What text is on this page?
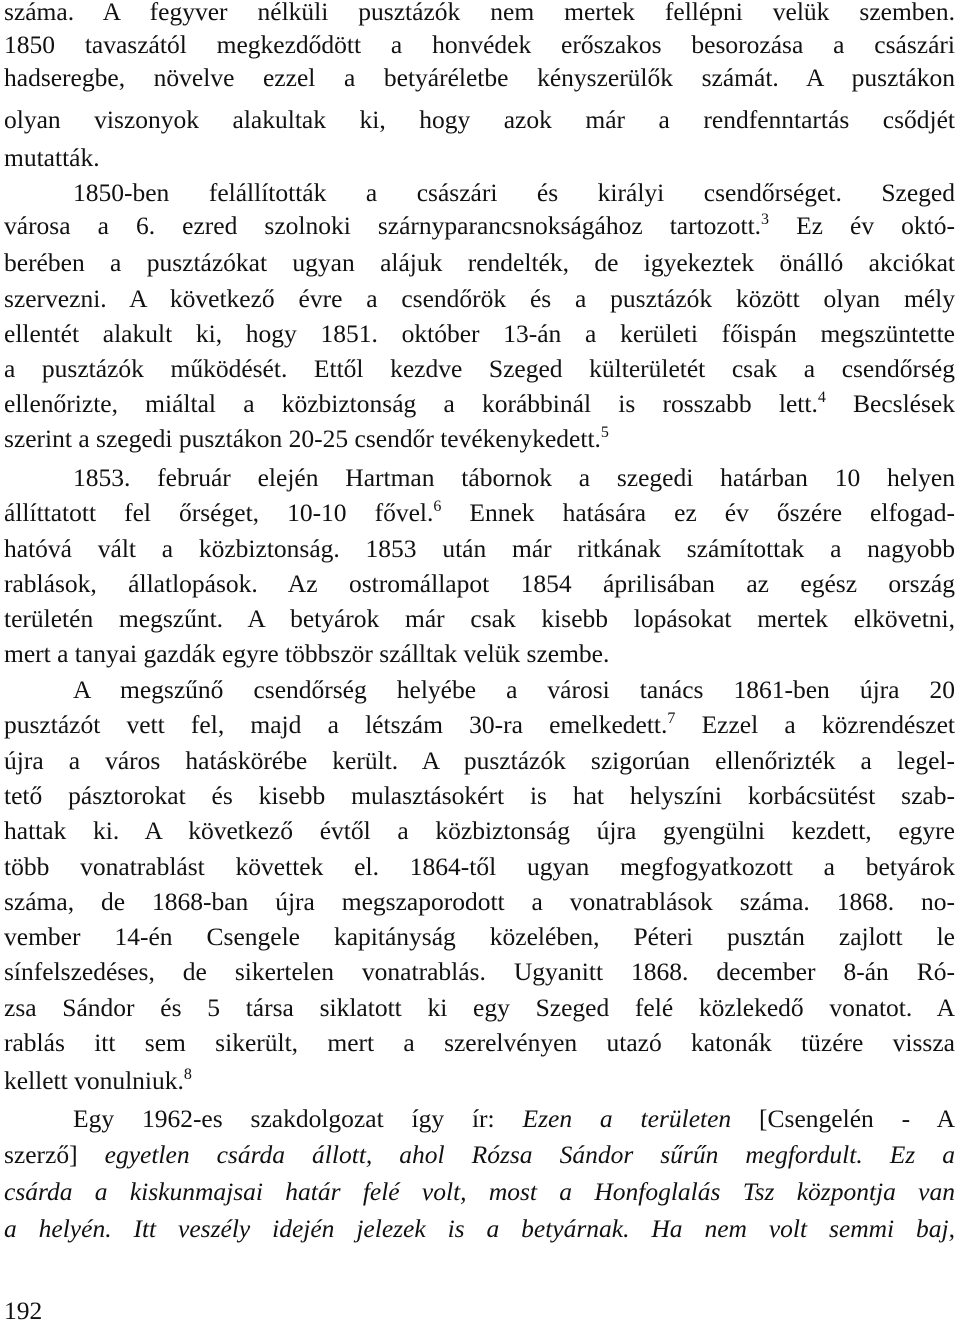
száma. A fegyver nélküli pusztázók nem mertek fellépni velük szemben.
1850 tavaszától megkezdődött a honvédek erőszakos besorozása a császári
hadseregbe, növelve ezzel a betyáréletbe kényszerülők számát. A pusztákon
olyan viszonyok alakultak ki, hogy azok már a rendfenntartás csődjét
mutatták.
1850-ben felállították a császári és királyi csendőrséget. Szeged
városa a 6. ezred szolnoki szárnyparancsnokságához tartozott.$^3$ Ez év októ-
berében a pusztázókat ugyan alájuk rendelték, de igyekeztek önálló akciókat
szervezni. A következő évre a csendőrök és a pusztázók között olyan mély
ellentét alakult ki, hogy 1851. október 13-án a kerületi főispán megszüntette
a pusztázók működését. Ettől kezdve Szeged külterületét csak a csendőrség
ellenőrizte, miáltal a közbiztonság a korábbinál is rosszabb lett.$^4$ Becslések
szerint a szegedi pusztákon 20-25 csendőr tevékenykedett.$^5$
1853. február elején Hartman tábornok a szegedi határban 10 helyen
állíttatott fel őrséget, 10-10 fővel.$^6$ Ennek hatására ez év őszére elfogad-
hatóvá vált a közbiztonság. 1853 után már ritkának számítottak a nagyobb
rablások, állatlopások. Az ostromállapot 1854 áprilisában az egész ország
területén megszűnt. A betyárok már csak kisebb lopásokat mertek elkövetni,
mert a tanyai gazdák egyre többször szálltak velük szembe.
A megszűnő csendőrség helyébe a városi tanács 1861-ben újra 20
pusztázót vett fel, majd a létszám 30-ra emelkedett.$^7$ Ezzel a közrendészet
újra a város hatáskörébe került. A pusztázók szigorúan ellenőrizték a legel-
tető pásztorokat és kisebb mulasztásokért is hat helyszíni korbácsütést szab-
hattak ki. A következő évtől a közbiztonság újra gyengülni kezdett, egyre
több vonatrablást követtek el. 1864-től ugyan megfogyatkozott a betyárok
száma, de 1868-ban újra megszaporodott a vonatrablások száma. 1868. no-
vember 14-én Csengele kapitányság közelében, Péteri pusztán zajlott le
sínfelszedéses, de sikertelen vonatrablás. Ugyanitt 1868. december 8-án Ró-
zsa Sándor és 5 társa siklatott ki egy Szeged felé közlekedő vonatot. A
rablás itt sem sikerült, mert a szerelvényen utazó katonák tüzére vissza
kellett vonulniuk.$^8$
Egy 1962-es szakdolgozat így ír: Ezen a területen [Csengelén - A
szerző] egyetlen csárda állott, ahol Rózsa Sándor sűrűn megfordult. Ez a
csárda a kiskunmajsai határ felé volt, most a Honfoglalás Tsz központja van
a helyén. Itt veszély idején jelezek is a betyárnak. Ha nem volt semmi baj,
192
